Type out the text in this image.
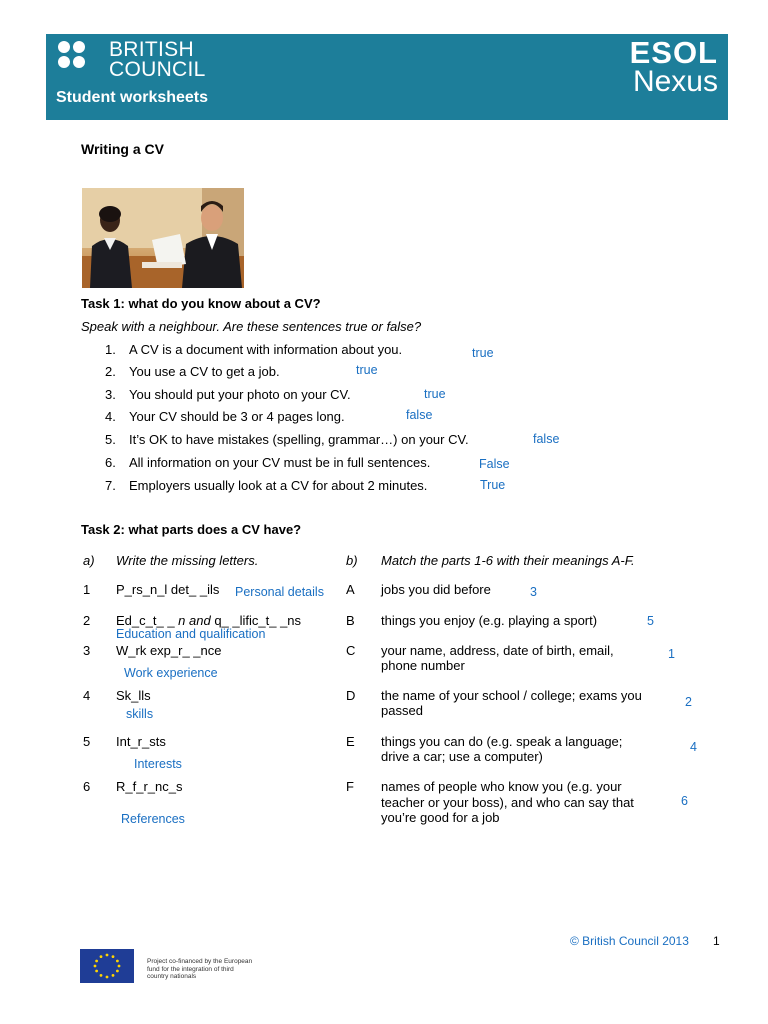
BRITISH
COUNCIL
Student worksheets
ESOL
Nexus
Writing a CV
Task 1: what do you know about a CV?
Speak with a neighbour. Are these sentences true or false?
1. A CV is a document with information about you.	true
2. You use a CV to get a job.	true
3. You should put your photo on your CV.	true
4. Your CV should be 3 or 4 pages long.	false
5. It’s OK to have mistakes (spelling, grammar…) on your CV.	false
6. All information on your CV must be in full sentences.	False
7. Employers usually look at a CV for about 2 minutes.	True
Task 2: what parts does a CV have?
a) Write the missing letters.	b) Match the parts 1-6 with their meanings A-F.
1 P_rs_n_l det_ _ils Personal details
2 Ed_c_t_ _ n and q_ _lific_t_ _ns
Education and qualification
3 W_rk exp_r_ _nce
Work experience
4 Sk_lls
skills
5 Int_r_sts
Interests
6 R_f_r_nc_s
References
A jobs you did before	3
B things you enjoy (e.g. playing a sport)	5
C your name, address, date of birth, email,
phone number
1
D the name of your school / college; exams you
passed
2
E things you can do (e.g. speak a language;
drive a car; use a computer)
4
F names of people who know you (e.g. your
teacher or your boss), and who can say that
you’re good for a job
6
© British Council 2013 1
Project co-financed by the European
fund for the integration of third
country nationals
